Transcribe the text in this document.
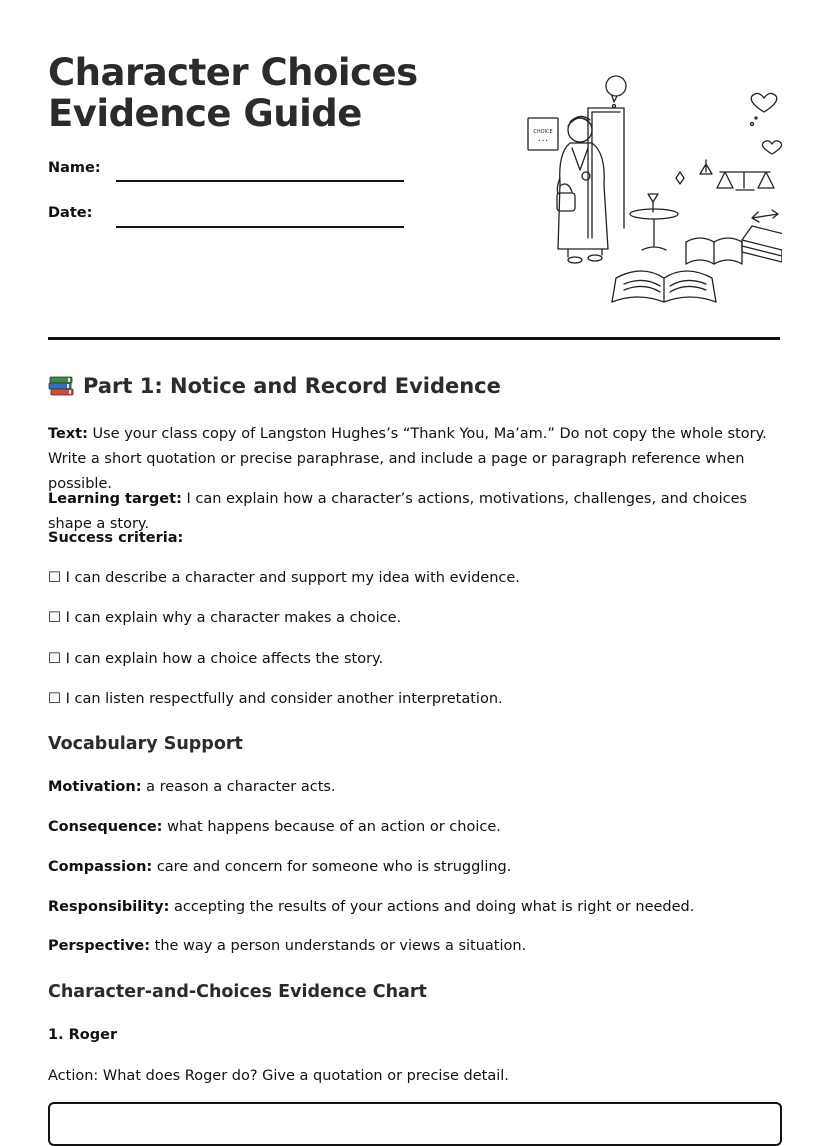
Character Choices
Evidence Guide
Name:
Date:
CHOICE
• • •
Part 1: Notice and Record Evidence
Text: Use your class copy of Langston Hughes’s “Thank You, Ma’am.” Do not copy the whole story. Write a short quotation or precise paraphrase, and include a page or paragraph reference when possible.
Learning target: I can explain how a character’s actions, motivations, challenges, and choices shape a story.
Success criteria:
☐ I can describe a character and support my idea with evidence.
☐ I can explain why a character makes a choice.
☐ I can explain how a choice affects the story.
☐ I can listen respectfully and consider another interpretation.
Vocabulary Support
Motivation: a reason a character acts.
Consequence: what happens because of an action or choice.
Compassion: care and concern for someone who is struggling.
Responsibility: accepting the results of your actions and doing what is right or needed.
Perspective: the way a person understands or views a situation.
Character-and-Choices Evidence Chart
1. Roger
Action: What does Roger do? Give a quotation or precise detail.
